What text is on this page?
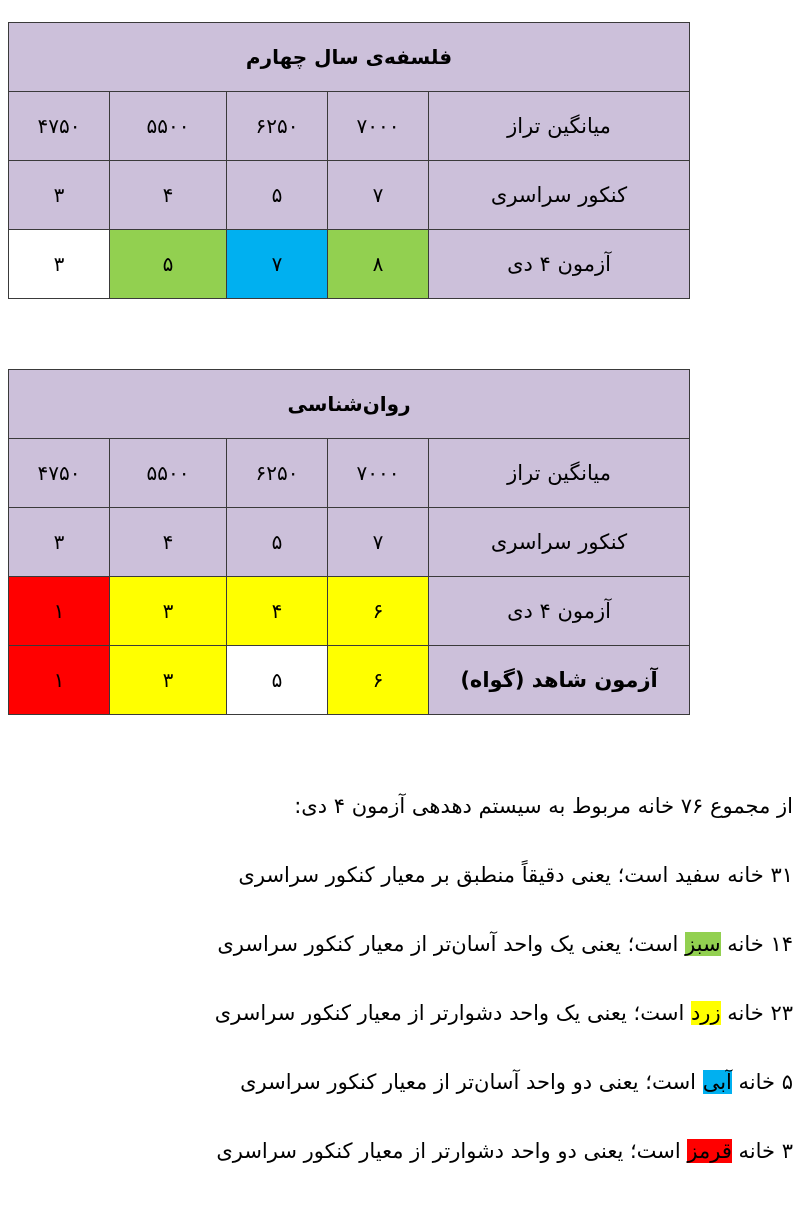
فلسفه‌ی سال چهارم				
۴۷۵۰	۵۵۰۰	۶۲۵۰	۷۰۰۰	میانگین تراز
۳	۴	۵	۷	کنکور سراسری
۳	۵	۷	۸	آزمون ۴ دی
روان‌شناسی				
۴۷۵۰	۵۵۰۰	۶۲۵۰	۷۰۰۰	میانگین تراز
۳	۴	۵	۷	کنکور سراسری
۱	۳	۴	۶	آزمون ۴ دی
۱	۳	۵	۶	آزمون شاهد (گواه)

از مجموع ۷۶ خانه مربوط به سیستم دهدهی آزمون ۴ دی:

۳۱ خانه سفید است؛ یعنی دقیقاً منطبق بر معیار کنکور سراسری

۱۴ خانه سبز است؛ یعنی یک واحد آسان‌تر از معیار کنکور سراسری

۲۳ خانه زرد است؛ یعنی یک واحد دشوارتر از معیار کنکور سراسری

۵ خانه آبی است؛ یعنی دو واحد آسان‌تر از معیار کنکور سراسری

۳ خانه قرمز است؛ یعنی دو واحد دشوارتر از معیار کنکور سراسری
